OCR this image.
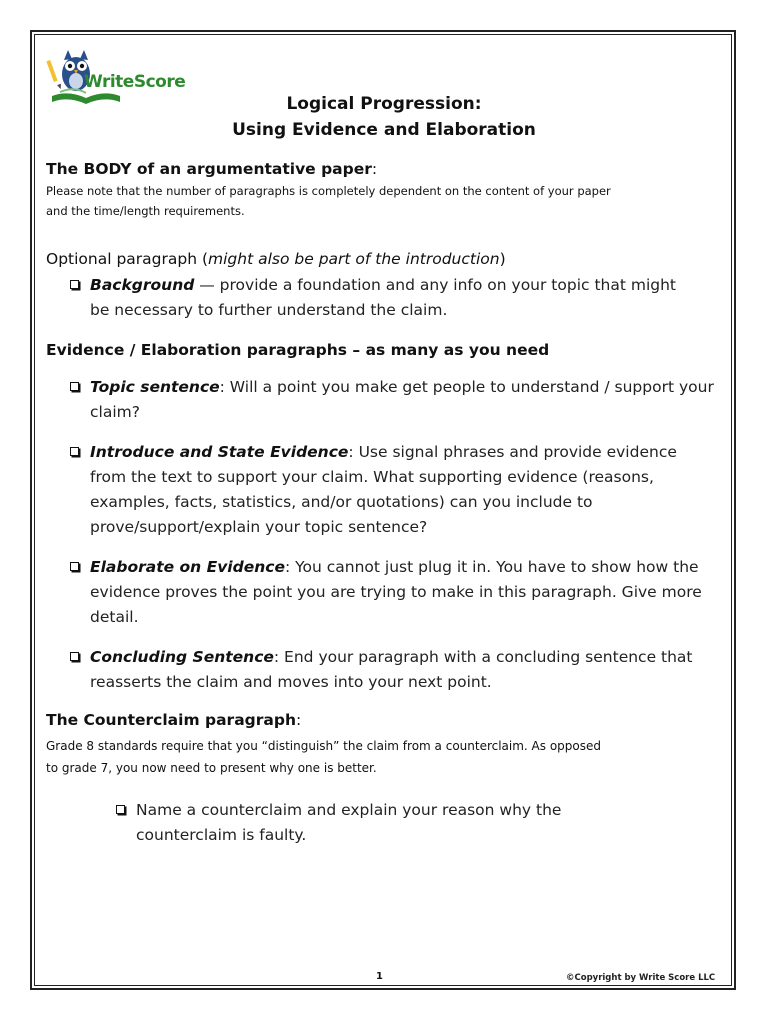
WriteScore
Logical Progression:
Using Evidence and Elaboration
The BODY of an argumentative paper:
Please note that the number of paragraphs is completely dependent on the content of your paper
and the time/length requirements.
Optional paragraph (might also be part of the introduction)
Background — provide a foundation and any info on your topic that might be necessary to further understand the claim.
Evidence / Elaboration paragraphs – as many as you need
Topic sentence: Will a point you make get people to understand / support your claim?
Introduce and State Evidence: Use signal phrases and provide evidence from the text to support your claim. What supporting evidence (reasons, examples, facts, statistics, and/or quotations) can you include to prove/support/explain your topic sentence?
Elaborate on Evidence: You cannot just plug it in. You have to show how the evidence proves the point you are trying to make in this paragraph. Give more detail.
Concluding Sentence: End your paragraph with a concluding sentence that reasserts the claim and moves into your next point.
The Counterclaim paragraph:
Grade 8 standards require that you “distinguish” the claim from a counterclaim. As opposed
to grade 7, you now need to present why one is better.
Name a counterclaim and explain your reason why the counterclaim is faulty.
1	©Copyright by Write Score LLC
